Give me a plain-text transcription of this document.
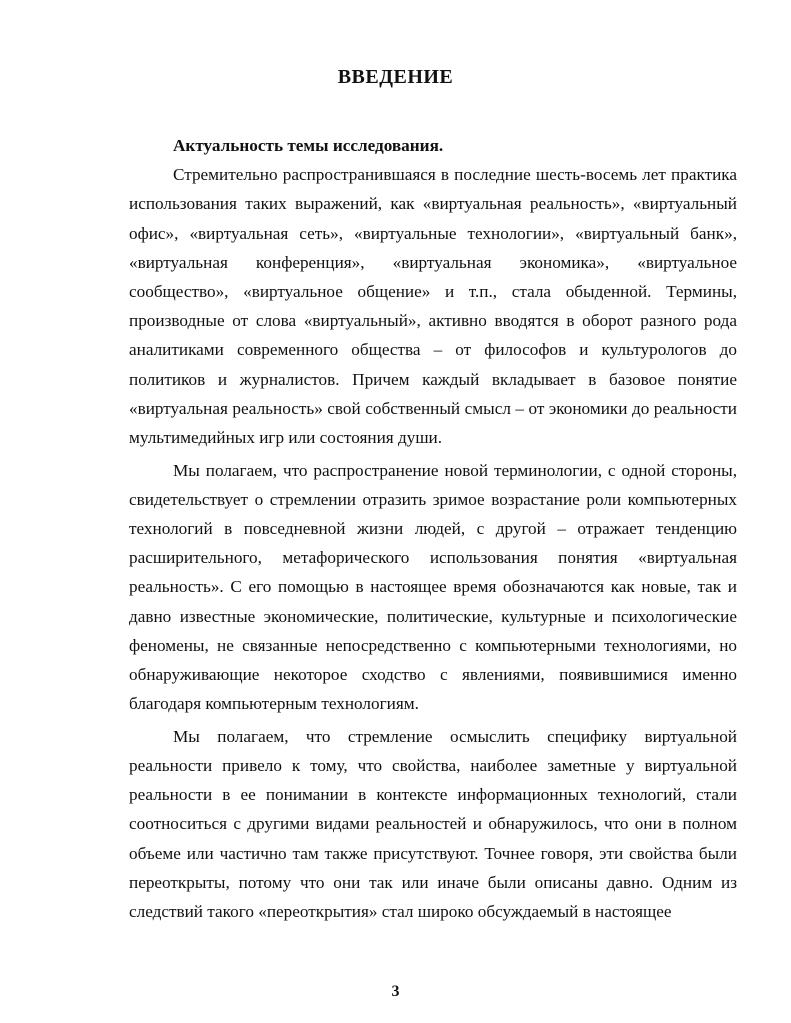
ВВЕДЕНИЕ

Актуальность темы исследования.

Стремительно распространившаяся в последние шесть-восемь лет практика использования таких выражений, как «виртуальная реальность», «виртуальный офис», «виртуальная сеть», «виртуальные технологии», «виртуальный банк», «виртуальная конференция», «виртуальная экономика», «виртуальное сообщество», «виртуальное общение» и т.п., стала обыденной. Термины, производные от слова «виртуальный», активно вводятся в оборот разного рода аналитиками современного общества – от философов и культурологов до политиков и журналистов. Причем каждый вкладывает в базовое понятие «виртуальная реальность» свой собственный смысл – от экономики до реальности мультимедийных игр или состояния души.

Мы полагаем, что распространение новой терминологии, с одной стороны, свидетельствует о стремлении отразить зримое возрастание роли компьютерных технологий в повседневной жизни людей, с другой – отражает тенденцию расширительного, метафорического использования понятия «виртуальная реальность». С его помощью в настоящее время обозначаются как новые, так и давно известные экономические, политические, культурные и психологические феномены, не связанные непосредственно с компьютерными технологиями, но обнаруживающие некоторое сходство с явлениями, появившимися именно благодаря компьютерным технологиям.

Мы полагаем, что стремление осмыслить специфику виртуальной реальности привело к тому, что свойства, наиболее заметные у виртуальной реальности в ее понимании в контексте информационных технологий, стали соотноситься с другими видами реальностей и обнаружилось, что они в полном объеме или частично там также присутствуют. Точнее говоря, эти свойства были переоткрыты, потому что они так или иначе были описаны давно. Одним из следствий такого «переоткрытия» стал широко обсуждаемый в настоящее

3
